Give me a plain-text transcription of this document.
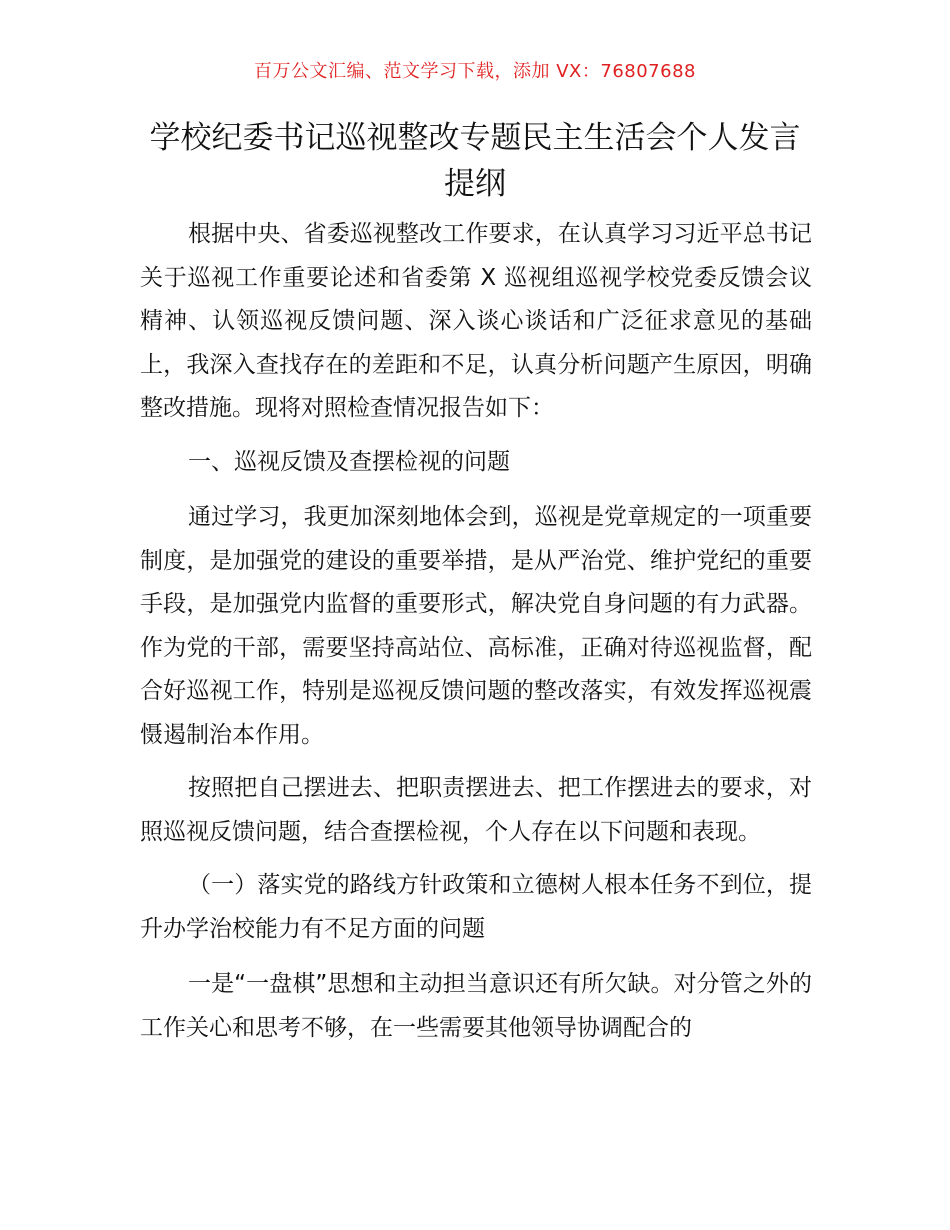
百万公文汇编、范文学习下载，添加 VX：76807688
学校纪委书记巡视整改专题民主生活会个人发言提纲

根据中央、省委巡视整改工作要求，在认真学习习近平总书记关于巡视工作重要论述和省委第 X 巡视组巡视学校党委反馈会议精神、认领巡视反馈问题、深入谈心谈话和广泛征求意见的基础上，我深入查找存在的差距和不足，认真分析问题产生原因，明确整改措施。现将对照检查情况报告如下：

一、巡视反馈及查摆检视的问题

通过学习，我更加深刻地体会到，巡视是党章规定的一项重要制度，是加强党的建设的重要举措，是从严治党、维护党纪的重要手段，是加强党内监督的重要形式，解决党自身问题的有力武器。作为党的干部，需要坚持高站位、高标准，正确对待巡视监督，配合好巡视工作，特别是巡视反馈问题的整改落实，有效发挥巡视震慑遏制治本作用。

按照把自己摆进去、把职责摆进去、把工作摆进去的要求，对照巡视反馈问题，结合查摆检视，个人存在以下问题和表现。

（一）落实党的路线方针政策和立德树人根本任务不到位，提升办学治校能力有不足方面的问题

一是“一盘棋”思想和主动担当意识还有所欠缺。对分管之外的工作关心和思考不够，在一些需要其他领导协调配合的
